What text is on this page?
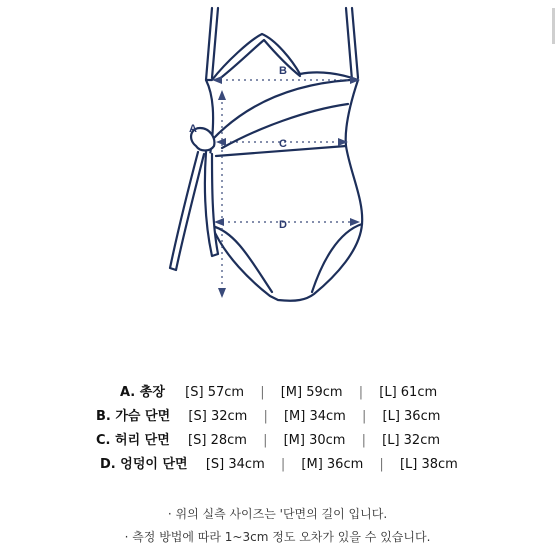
A
B
C
D
A. 총장 [S] 57cm | [M] 59cm | [L] 61cm
B. 가슴 단면 [S] 32cm | [M] 34cm | [L] 36cm
C. 허리 단면 [S] 28cm | [M] 30cm | [L] 32cm
D. 엉덩이 단면 [S] 34cm | [M] 36cm | [L] 38cm
· 위의 실측 사이즈는 '단면의 길이 입니다.
· 측정 방법에 따라 1~3cm 정도 오차가 있을 수 있습니다.
